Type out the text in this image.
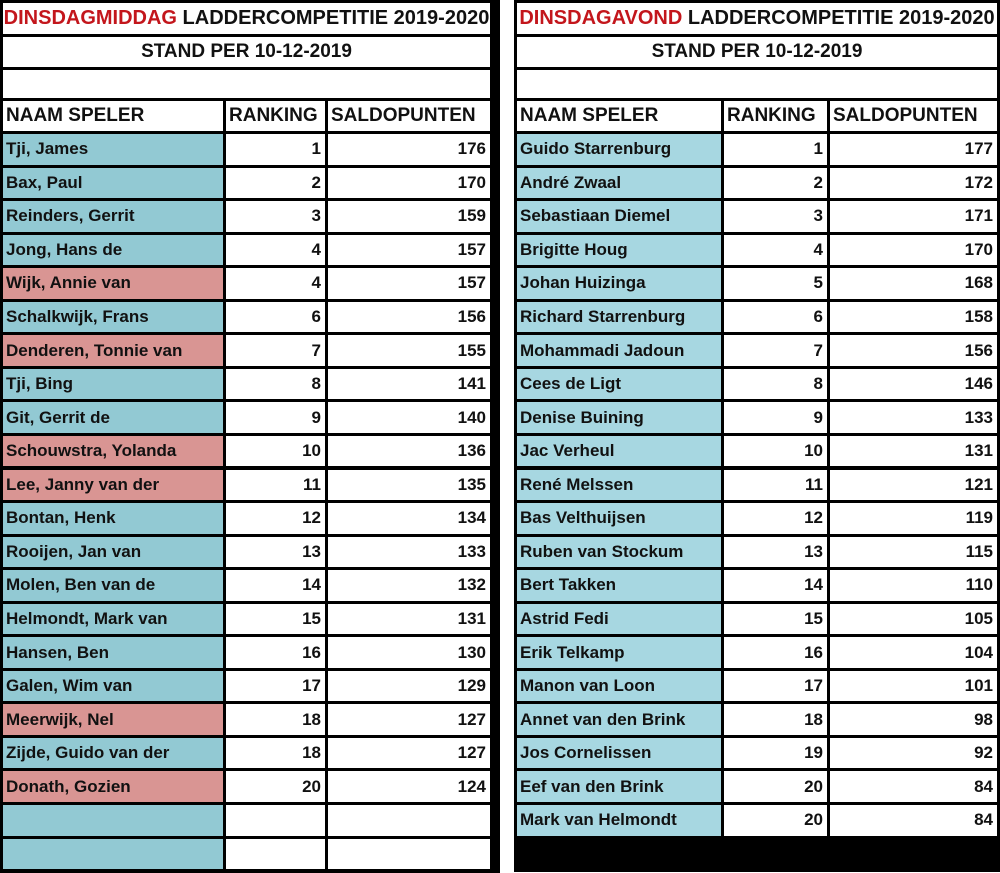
DINSDAGMIDDAG LADDERCOMPETITIE 2019-2020
STAND PER 10-12-2019
NAAM SPELER	RANKING SALDOPUNTEN
Tji, James	1	176
Bax, Paul	2	170
Reinders, Gerrit	3	159
Jong, Hans de	4	157
Wijk, Annie van	4	157
Schalkwijk, Frans	6	156
Denderen, Tonnie van	7	155
Tji, Bing	8	141
Git, Gerrit de	9	140
Schouwstra, Yolanda	10	136
Lee, Janny van der	11	135
Bontan, Henk	12	134
Rooijen, Jan van	13	133
Molen, Ben van de	14	132
Helmondt, Mark van	15	131
Hansen, Ben	16	130
Galen, Wim van	17	129
Meerwijk, Nel	18	127
Zijde, Guido van der	18	127
Donath, Gozien	20	124
DINSDAGAVOND LADDERCOMPETITIE 2019-2020
STAND PER 10-12-2019
NAAM SPELER	RANKING SALDOPUNTEN
Guido Starrenburg	1	177
André Zwaal	2	172
Sebastiaan Diemel	3	171
Brigitte Houg	4	170
Johan Huizinga	5	168
Richard Starrenburg	6	158
Mohammadi Jadoun	7	156
Cees de Ligt	8	146
Denise Buining	9	133
Jac Verheul	10	131
René Melssen	11	121
Bas Velthuijsen	12	119
Ruben van Stockum	13	115
Bert Takken	14	110
Astrid Fedi	15	105
Erik Telkamp	16	104
Manon van Loon	17	101
Annet van den Brink	18	98
Jos Cornelissen	19	92
Eef van den Brink	20	84
Mark van Helmondt	20	84
